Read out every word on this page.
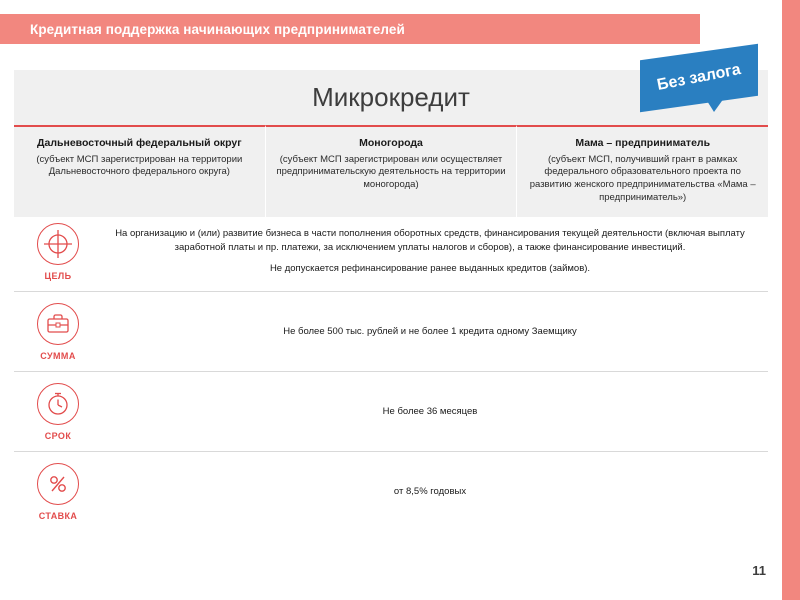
Кредитная поддержка начинающих предпринимателей
Микрокредит
Без залога
Дальневосточный федеральный округ
(субъект МСП зарегистрирован на территории Дальневосточного федерального округа)
Моногорода
(субъект МСП зарегистрирован или осуществляет предпринимательскую деятельность на территории моногорода)
Мама – предприниматель
(субъект МСП, получивший грант в рамках федерального образовательного проекта по развитию женского предпринимательства «Мама – предприниматель»)
ЦЕЛЬ

На организацию и (или) развитие бизнеса в части пополнения оборотных средств, финансирования текущей деятельности (включая выплату заработной платы и пр. платежи, за исключением уплаты налогов и сборов), а также финансирование инвестиций.

Не допускается рефинансирование ранее выданных кредитов (займов).

СУММА

Не более 500 тыс. рублей и не более 1 кредита одному Заемщику

СРОК

Не более 36 месяцев

СТАВКА

от 8,5% годовых

11
